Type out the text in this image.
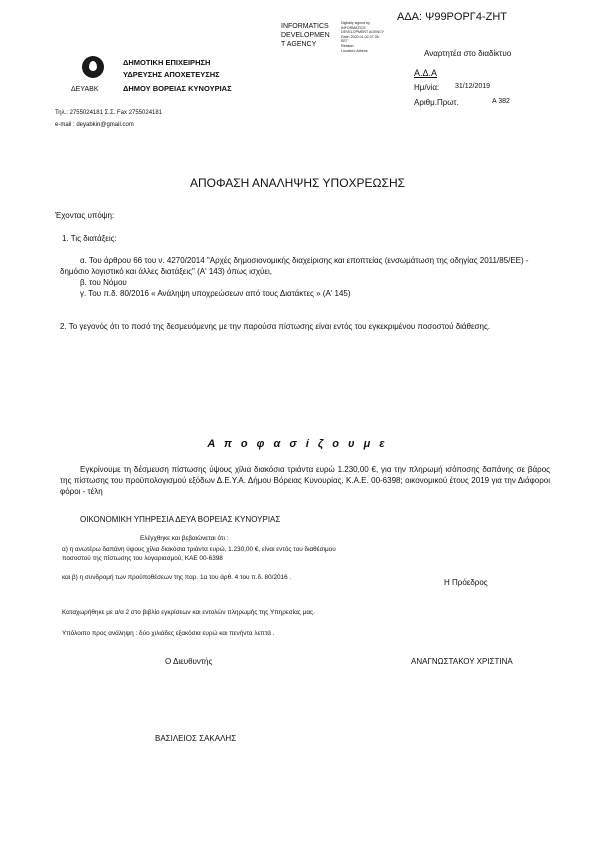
ΑΔΑ: Ψ99ΡΟΡΓ4-ΖΗΤ
INFORMATICS
DEVELOPMEN
T AGENCY
Digitally signed by
INFORMATICS
DEVELOPMENT AGENCY
Date: 2020.01.02 07:35:
EET
Reason:
Location: Athens	Αναρτητέα στο διαδίκτυο
Α.Δ.Α
Ημ/νία: 31/12/2019
Αριθμ.Πρωτ.	Α 382
ΔΕΥΑΒΚ
ΔΗΜΟΤΙΚΗ ΕΠΙΧΕΙΡΗΣΗ
ΥΔΡΕΥΣΗΣ ΑΠΟΧΕΤΕΥΣΗΣ
ΔΗΜΟΥ ΒΟΡΕΙΑΣ ΚΥΝΟΥΡΙΑΣ
Τηλ.: 2755024181 Σ.Σ. Fax 2755024181
e-mail : deyabkin@gmail.com
ΑΠΟΦΑΣΗ ΑΝΑΛΗΨΗΣ ΥΠΟΧΡΕΩΣΗΣ
Έχοντας υπόψη:
1. Τις διατάξεις:
α. Του άρθρου 66 του ν. 4270/2014 "Αρχές δημοσιονομικής διαχείρισης και εποπτείας (ενσωμάτωση της οδηγίας 2011/85/ΕΕ) - δημόσιο λογιστικό και άλλες διατάξεις" (Α' 143) όπως ισχύει,
β. του Νόμου
γ. Του π.δ. 80/2016 « Ανάληψη υποχρεώσεων από τους Διατάκτες » (Α' 145)
2. Το γεγονός ότι το ποσό της δεσμευόμενης με την παρούσα πίστωσης είναι εντός του εγκεκριμένου ποσοστού διάθεσης.
Α π ο φ α σ ί ζ ο υ μ ε
Εγκρίνουμε τη δέσμευση πίστωσης ύψους χίλια διακόσια τριάντα ευρώ 1.230,00 €, για την πληρωμή ισόποσης δαπάνης σε βάρος της πίστωσης του προϋπολογισμού εξόδων Δ.Ε.Υ.Α. Δήμου Βόρειας Κυνουρίας, Κ.Α.Ε. 00-6398; οικονομικού έτους 2019 για την Διάφοροι φόροι - τέλη
ΟΙΚΟΝΟΜΙΚΗ ΥΠΗΡΕΣΙΑ ΔΕΥΑ ΒΟΡΕΙΑΣ ΚΥΝΟΥΡΙΑΣ
Ελέγχθηκε και βεβαιώνεται ότι :
α) η ανωτέρω δαπάνη ύψους χίλια διακόσια τριάντα ευρώ, 1.230,00 €, είναι εντός του διαθέσιμου ποσοστού της πίστωσης του λογαριασμού, ΚΑΕ 00-6398
και β) η συνδρομή των προϋποθέσεων της παρ. 1α του άρθ. 4 του π.δ. 80/2016 .
Καταχωρήθηκε με α/α 2 στο βιβλίο εγκρίσεων και εντολών πληρωμής της Υπηρεσίας μας.
Υπόλοιπο προς ανάληψη : δύο χιλιάδες εξακόσια ευρώ και πενήντα λεπτά .
Η Πρόεδρος
Ο Διευθυντής	ΑΝΑΓΝΩΣΤΑΚΟΥ ΧΡΙΣΤΙΝΑ
ΒΑΣΙΛΕΙΟΣ ΣΑΚΑΛΗΣ
